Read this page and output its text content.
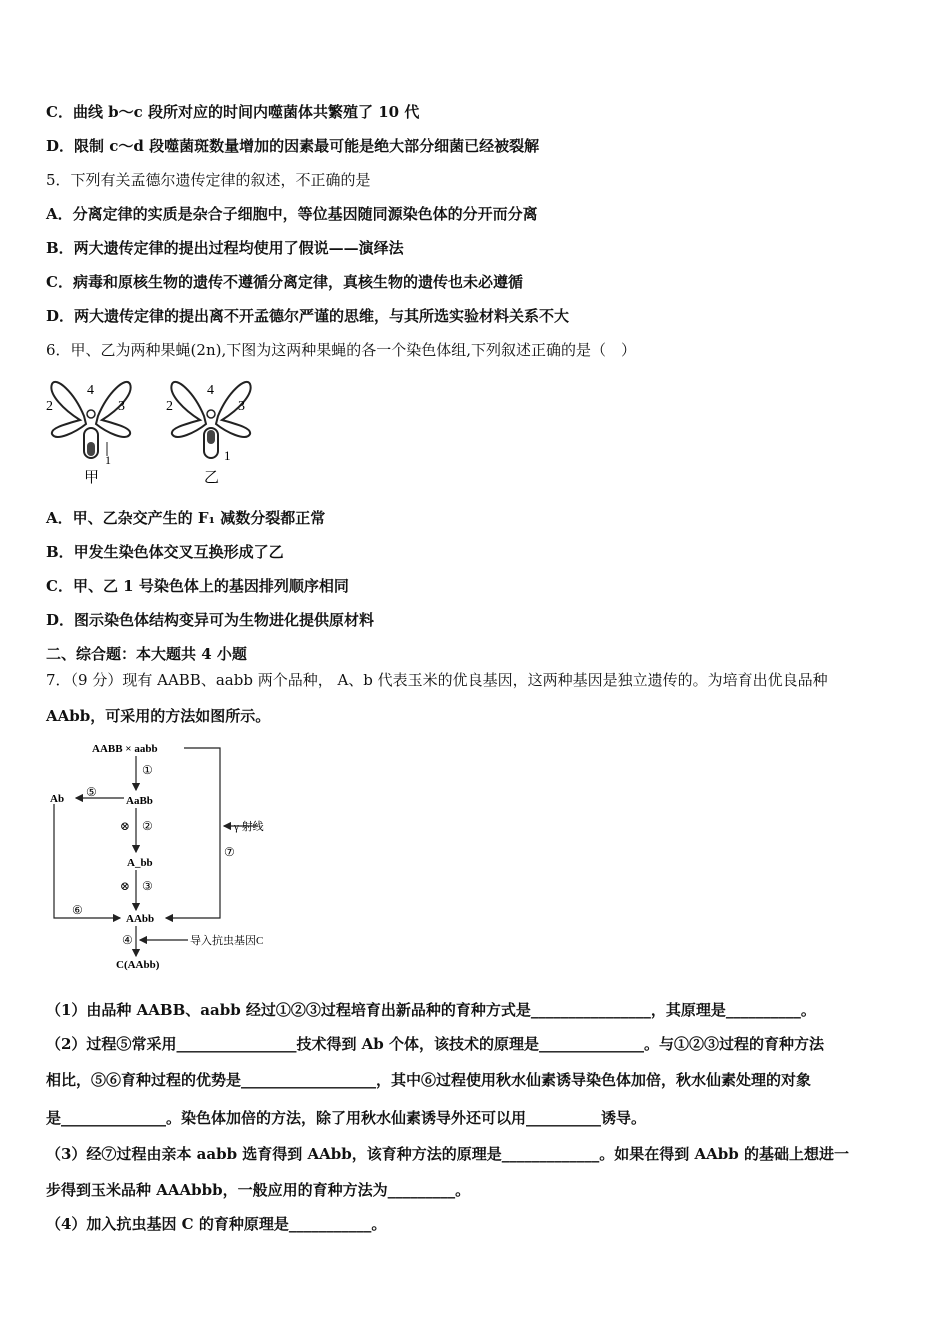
C．曲线 b～c 段所对应的时间内噬菌体共繁殖了 10 代
D．限制 c～d 段噬菌斑数量增加的因素最可能是绝大部分细菌已经被裂解
5．下列有关孟德尔遗传定律的叙述，不正确的是
A．分离定律的实质是杂合子细胞中，等位基因随同源染色体的分开而分离
B．两大遗传定律的提出过程均使用了假说——演绎法
C．病毒和原核生物的遗传不遵循分离定律，真核生物的遗传也未必遵循
D．两大遗传定律的提出离不开孟德尔严谨的思维，与其所选实验材料关系不大
6．甲、乙为两种果蝇(2n),下图为这两种果蝇的各一个染色体组,下列叙述正确的是（　）
2
4
3
1
甲
2
4
3
1
乙
A．甲、乙杂交产生的 F₁ 减数分裂都正常
B．甲发生染色体交叉互换形成了乙
C．甲、乙 1 号染色体上的基因排列顺序相同
D．图示染色体结构变异可为生物进化提供原材料
二、综合题：本大题共 4 小题
7．（9 分）现有 AABB、aabb 两个品种， A、b 代表玉米的优良基因，这两种基因是独立遗传的。为培育出优良品种
AAbb，可采用的方法如图所示。
AABB × aabb
Ab	AaBb
A_bb
AAbb
C(AAbb)
①
⑤
⊗ ②
⊗ ③
⑥
⑦
④
γ 射线
导入抗虫基因C
（1）由品种 AABB、aabb 经过①②③过程培育出新品种的育种方式是________________，其原理是__________。
（2）过程⑤常采用________________技术得到 Ab 个体，该技术的原理是______________。与①②③过程的育种方法
相比，⑤⑥育种过程的优势是__________________，其中⑥过程使用秋水仙素诱导染色体加倍，秋水仙素处理的对象
是______________。染色体加倍的方法，除了用秋水仙素诱导外还可以用__________诱导。
（3）经⑦过程由亲本 aabb 选育得到 AAbb，该育种方法的原理是_____________。如果在得到 AAbb 的基础上想进一
步得到玉米品种 AAAbbb，一般应用的育种方法为_________。
（4）加入抗虫基因 C 的育种原理是___________。
